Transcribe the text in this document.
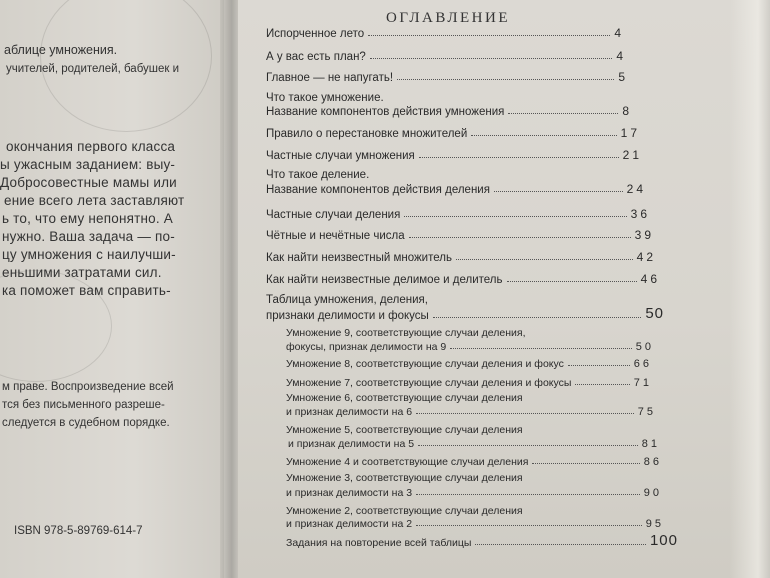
аблице умножения.
учителей, родителей, бабушек и
окончания первого класса
ы ужасным заданием: выу-
Добросовестные мамы или
ение всего лета заставляют
ь то, что ему непонятно. А
нужно. Ваша задача — по-
цу умножения с наилучши-
еньшими затратами сил.
ка поможет вам справить-
м праве. Воспроизведение всей
тся без письменного разреше-
следуется в судебном порядке.
ISBN 978-5-89769-614-7
ОГЛАВЛЕНИЕ
Испорченное лето	4
А у вас есть план?	4
Главное — не напугать!	5
Что такое умножение.
Название компонентов действия умножения	8
Правило о перестановке множителей	17
Частные случаи умножения	21
Что такое деление.
Название компонентов действия деления	24
Частные случаи деления	36
Чётные и нечётные числа	39
Как найти неизвестный множитель	42
Как найти неизвестные делимое и делитель	46
Таблица умножения, деления,
признаки делимости и фокусы	50
Умножение 9, соответствующие случаи деления,
фокусы, признак делимости на 9	50
Умножение 8, соответствующие случаи деления и фокус	66
Умножение 7, соответствующие случаи деления и фокусы	71
Умножение 6, соответствующие случаи деления
и признак делимости на 6	75
Умножение 5, соответствующие случаи деления
и признак делимости на 5	81
Умножение 4 и соответствующие случаи деления	86
Умножение 3, соответствующие случаи деления
и признак делимости на 3	90
Умножение 2, соответствующие случаи деления
и признак делимости на 2	95
Задания на повторение всей таблицы	100
